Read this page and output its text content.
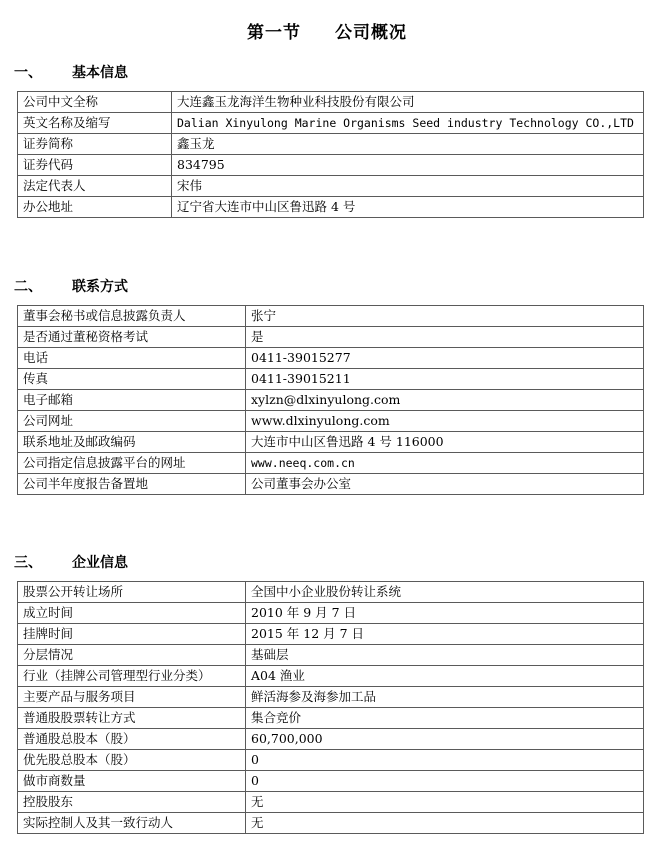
第一节 公司概况
一、 基本信息
公司中文全称	大连鑫玉龙海洋生物种业科技股份有限公司
英文名称及缩写	Dalian Xinyulong Marine Organisms Seed industry Technology CO.,LTD
证券简称	鑫玉龙
证券代码	834795
法定代表人	宋伟
办公地址	辽宁省大连市中山区鲁迅路 4 号
二、 联系方式
董事会秘书或信息披露负责人	张宁
是否通过董秘资格考试	是
电话	0411-39015277
传真	0411-39015211
电子邮箱	xylzn@dlxinyulong.com
公司网址	www.dlxinyulong.com
联系地址及邮政编码	大连市中山区鲁迅路 4 号 116000
公司指定信息披露平台的网址	www.neeq.com.cn
公司半年度报告备置地	公司董事会办公室
三、 企业信息
股票公开转让场所	全国中小企业股份转让系统
成立时间	2010 年 9 月 7 日
挂牌时间	2015 年 12 月 7 日
分层情况	基础层
行业（挂牌公司管理型行业分类）	A04 渔业
主要产品与服务项目	鲜活海参及海参加工品
普通股股票转让方式	集合竞价
普通股总股本（股）	60,700,000
优先股总股本（股）	0
做市商数量	0
控股股东	无
实际控制人及其一致行动人	无
